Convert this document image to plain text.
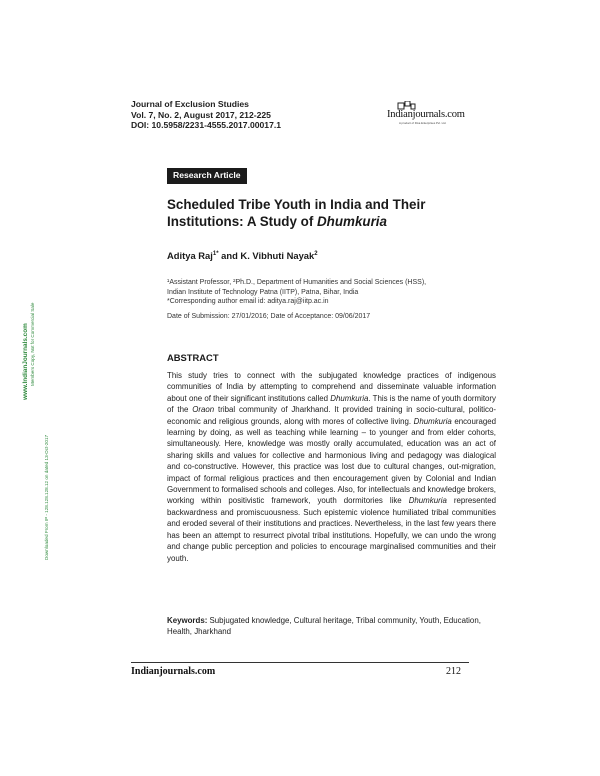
Journal of Exclusion Studies
Vol. 7, No. 2, August 2017, 212-225
DOI: 10.5958/2231-4555.2017.00017.1
Indianjournals.com
A product of Diva Enterprises Pvt. Ltd.
Research Article
Scheduled Tribe Youth in India and Their
Institutions: A Study of Dhumkuria
Aditya Raj$^{1*}$ and K. Vibhuti Nayak$^2$
¹Assistant Professor, ²Ph.D., Department of Humanities and Social Sciences (HSS),
Indian Institute of Technology Patna (IITP), Patna, Bihar, India
*Corresponding author email id: aditya.raj@iitp.ac.in
Date of Submission: 27/01/2016; Date of Acceptance: 09/06/2017
ABSTRACT
This study tries to connect with the subjugated knowledge practices of indigenous communities of India by attempting to comprehend and disseminate valuable information about one of their significant institutions called Dhumkuria. This is the name of youth dormitory of the Oraon tribal community of Jharkhand. It provided training in socio-cultural, politico-economic and religious grounds, along with mores of collective living. Dhumkuria encouraged learning by doing, as well as teaching while learning – to younger and from elder cohorts, simultaneously. Here, knowledge was mostly orally accumulated, education was an act of sharing skills and values for collective and harmonious living and pedagogy was dialogical and co-constructive. However, this practice was lost due to cultural changes, out-migration, impact of formal religious practices and then encouragement given by Colonial and Indian Government to formalised schools and colleges. Also, for intellectuals and knowledge brokers, working within positivistic framework, youth dormitories like Dhumkuria represented backwardness and promiscuousness. Such epistemic violence humiliated tribal communities and eroded several of their institutions and practices. Nevertheless, in the last few years there has been an attempt to resurrect pivotal tribal institutions. Hopefully, we can undo the wrong and change public perception and policies to encourage marginalised communities and their youth.
Keywords: Subjugated knowledge, Cultural heritage, Tribal community, Youth, Education, Health, Jharkhand
Indianjournals.com	212
www.IndianJournals.com Members Copy, Not for Commercial Sale
Downloaded From IP - 128.128.128.12 on dated 13-Oct-2017
